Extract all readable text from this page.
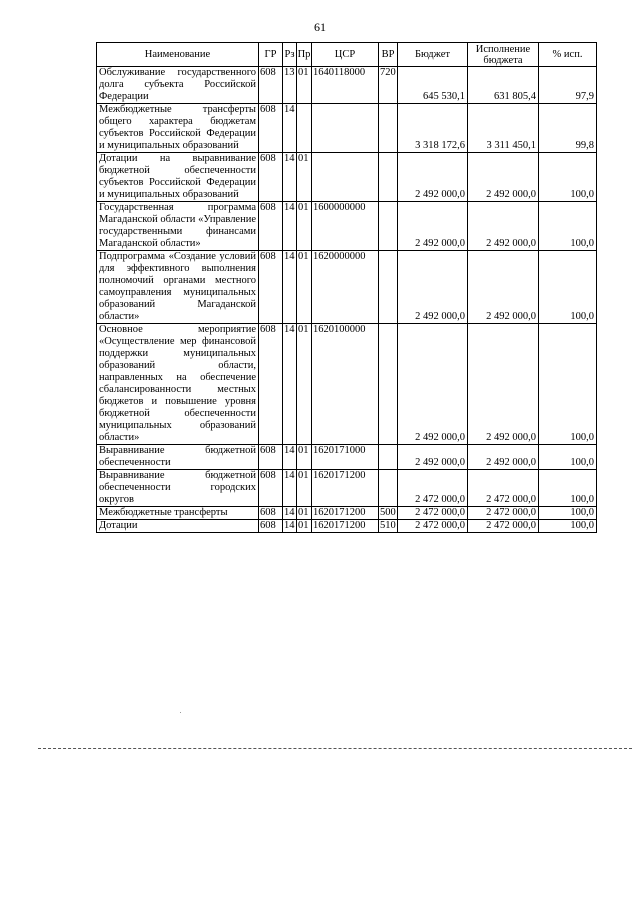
61
Наименование	ГР	Рз	Пр	ЦСР	ВР	Бюджет	Исполнение бюджета	% исп.
Обслуживание государственного долга субъекта Российской Федерации	608	13	01	1640118000	720	645 530,1	631 805,4	97,9
Межбюджетные трансферты общего характера бюджетам субъектов Российской Федерации и муниципальных образований	608	14				3 318 172,6	3 311 450,1	99,8
Дотации на выравнивание бюджетной обеспеченности субъектов Российской Федерации и муниципальных образований	608	14	01			2 492 000,0	2 492 000,0	100,0
Государственная программа Магаданской области «Управление государственными финансами Магаданской области»	608	14	01	1600000000		2 492 000,0	2 492 000,0	100,0
Подпрограмма «Создание условий для эффективного выполнения полномочий органами местного самоуправления муниципальных образований Магаданской области»	608	14	01	1620000000		2 492 000,0	2 492 000,0	100,0
Основное мероприятие «Осуществление мер финансовой поддержки муниципальных образований области, направленных на обеспечение сбалансированности местных бюджетов и повышение уровня бюджетной обеспеченности муниципальных образований области»	608	14	01	1620100000		2 492 000,0	2 492 000,0	100,0
Выравнивание бюджетной обеспеченности	608	14	01	1620171000		2 492 000,0	2 492 000,0	100,0
Выравнивание бюджетной обеспеченности городских округов	608	14	01	1620171200		2 472 000,0	2 472 000,0	100,0
Межбюджетные трансферты	608	14	01	1620171200	500	2 472 000,0	2 472 000,0	100,0
Дотации	608	14	01	1620171200	510	2 472 000,0	2 472 000,0	100,0
